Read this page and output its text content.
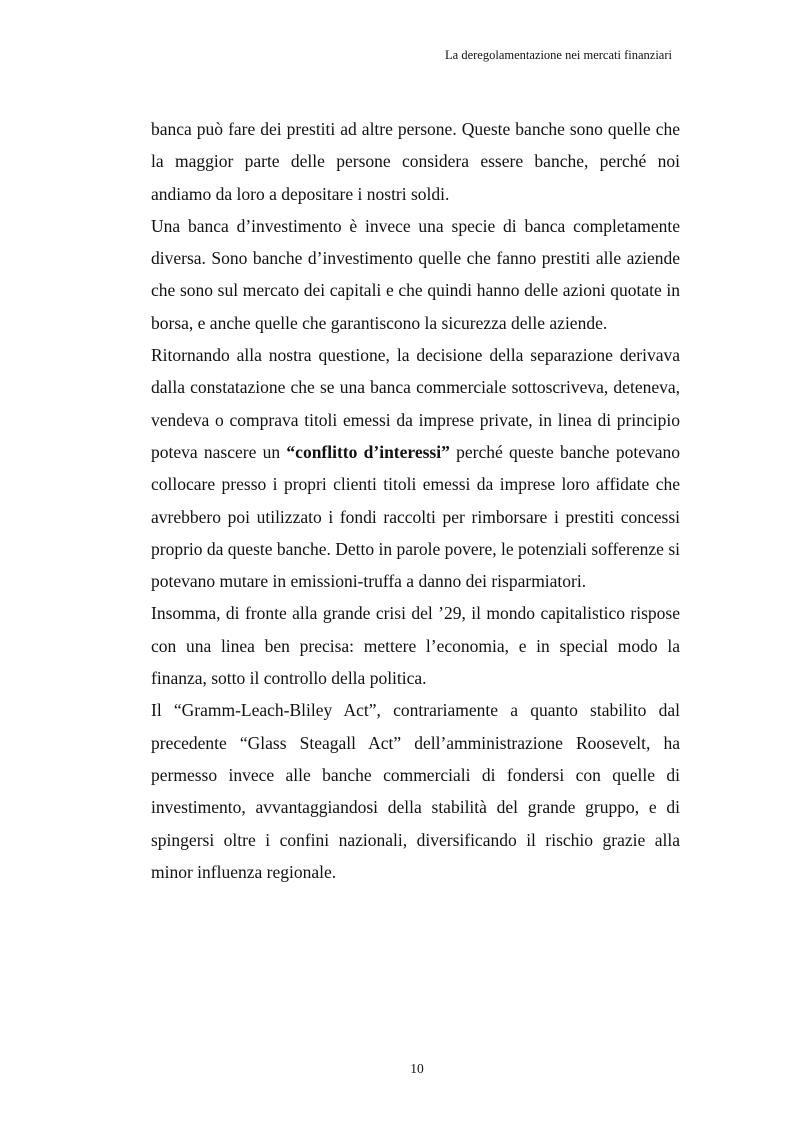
La deregolamentazione nei mercati finanziari

banca può fare dei prestiti ad altre persone. Queste banche sono quelle che la maggior parte delle persone considera essere banche, perché noi andiamo da loro a depositare i nostri soldi.

Una banca d’investimento è invece una specie di banca completamente diversa. Sono banche d’investimento quelle che fanno prestiti alle aziende che sono sul mercato dei capitali e che quindi hanno delle azioni quotate in borsa, e anche quelle che garantiscono la sicurezza delle aziende.

Ritornando alla nostra questione, la decisione della separazione derivava dalla constatazione che se una banca commerciale sottoscriveva, deteneva, vendeva o comprava titoli emessi da imprese private, in linea di principio poteva nascere un “conflitto d’interessi” perché queste banche potevano collocare presso i propri clienti titoli emessi da imprese loro affidate che avrebbero poi utilizzato i fondi raccolti per rimborsare i prestiti concessi proprio da queste banche. Detto in parole povere, le potenziali sofferenze si potevano mutare in emissioni-truffa a danno dei risparmiatori.

Insomma, di fronte alla grande crisi del ’29, il mondo capitalistico rispose con una linea ben precisa: mettere l’economia, e in special modo la finanza, sotto il controllo della politica.

Il “Gramm-Leach-Bliley Act”, contrariamente a quanto stabilito dal precedente “Glass Steagall Act” dell’amministrazione Roosevelt, ha permesso invece alle banche commerciali di fondersi con quelle di investimento, avvantaggiandosi della stabilità del grande gruppo, e di spingersi oltre i confini nazionali, diversificando il rischio grazie alla minor influenza regionale.

10
